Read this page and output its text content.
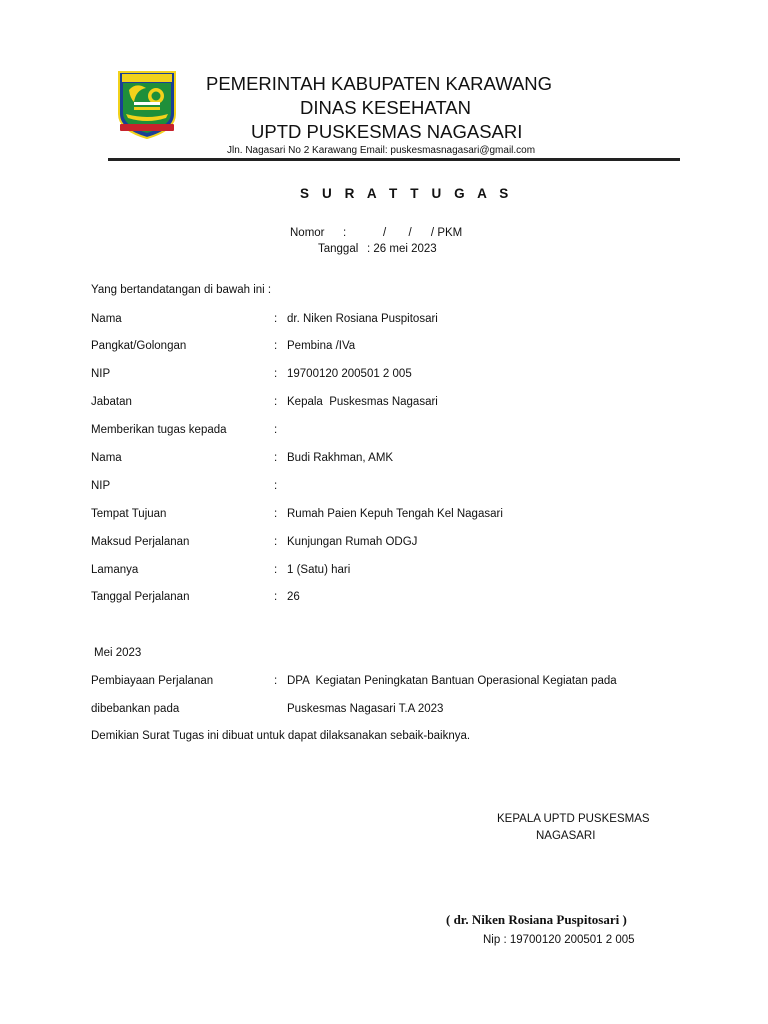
PEMERINTAH KABUPATEN KARAWANG
DINAS KESEHATAN
UPTD PUSKESMAS NAGASARI
Jln. Nagasari No 2 Karawang Email: puskesmasnagasari@gmail.com
S U R A T T U G A S
Nomor :	/       /      / PKM
Tanggal : 26 mei 2023
Yang bertandatangan di bawah ini :
Nama	: dr. Niken Rosiana Puspitosari
Pangkat/Golongan	: Pembina /IVa
NIP	: 19700120 200501 2 005
Jabatan	: Kepala  Puskesmas Nagasari
Memberikan tugas kepada	:
Nama	: Budi Rakhman, AMK
NIP	:
Tempat Tujuan	: Rumah Paien Kepuh Tengah Kel Nagasari
Maksud Perjalanan	: Kunjungan Rumah ODGJ
Lamanya	: 1 (Satu) hari
Tanggal Perjalanan	: 26
Mei 2023
Pembiayaan Perjalanan	: DPA  Kegiatan Peningkatan Bantuan Operasional Kegiatan pada
dibebankan pada	Puskesmas Nagasari T.A 2023
Demikian Surat Tugas ini dibuat untuk dapat dilaksanakan sebaik-baiknya.
KEPALA UPTD PUSKESMAS
NAGASARI
( dr. Niken Rosiana Puspitosari )
Nip : 19700120 200501 2 005
